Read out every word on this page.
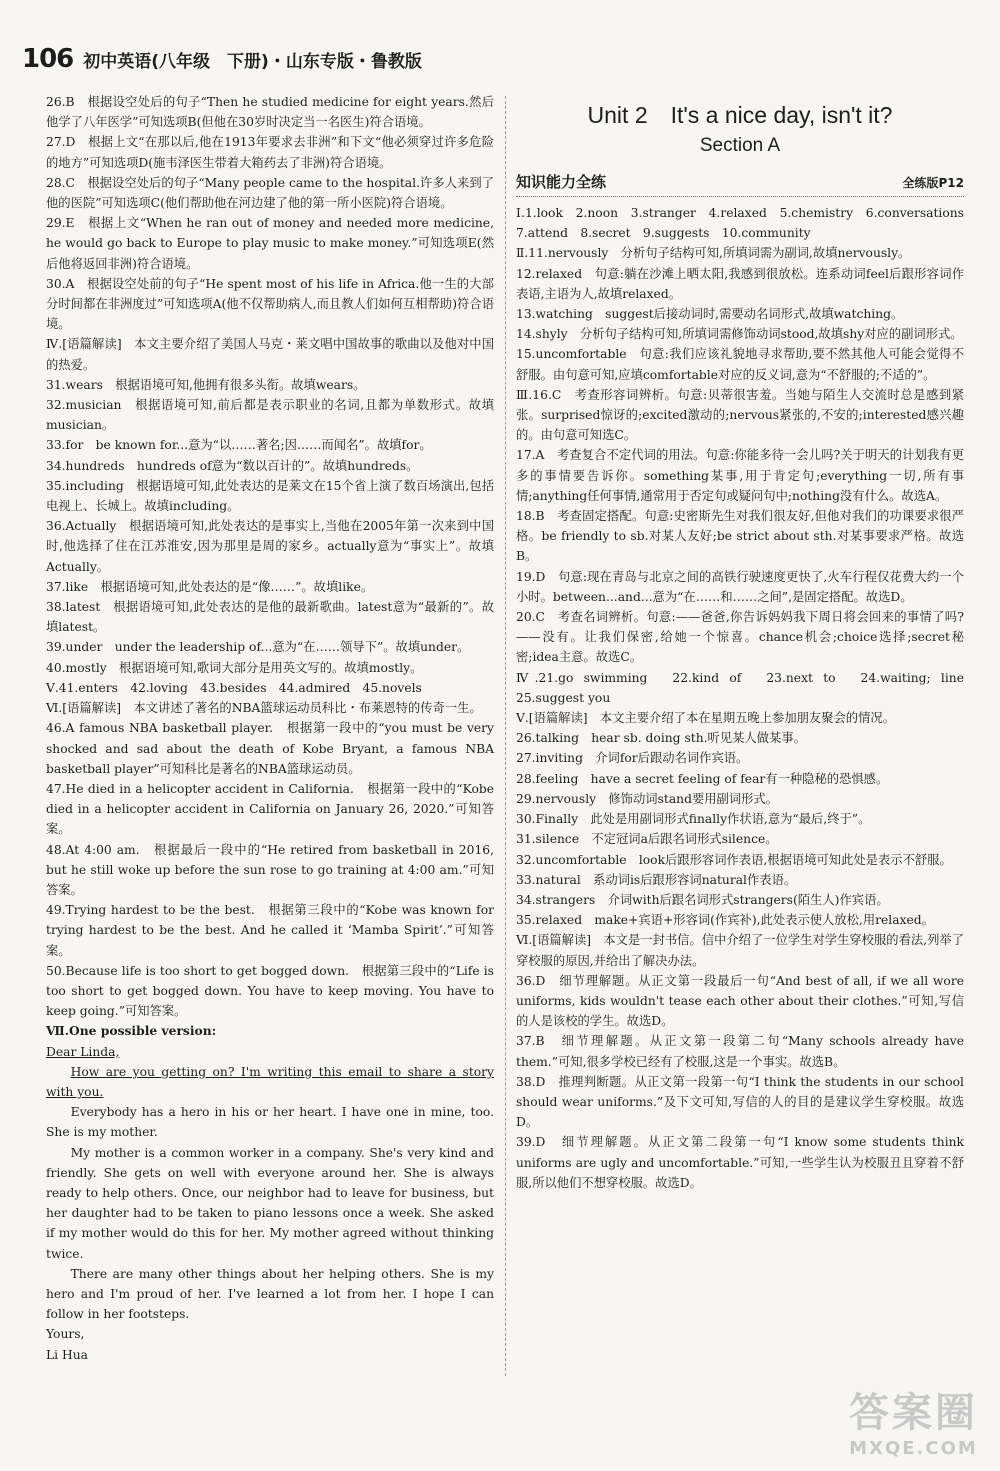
106 初中英语(八年级　下册)・山东专版・鲁教版

26.B　根据设空处后的句子“Then he studied medicine for eight years.然后他学了八年医学”可知选项B(但他在30岁时决定当一名医生)符合语境。

27.D　根据上文“在那以后,他在1913年要求去非洲”和下文“他必须穿过许多危险的地方”可知选项D(施韦泽医生带着大箱药去了非洲)符合语境。

28.C　根据设空处后的句子“Many people came to the hospital.许多人来到了他的医院”可知选项C(他们帮助他在河边建了他的第一所小医院)符合语境。

29.E　根据上文“When he ran out of money and needed more medicine, he would go back to Europe to play music to make money.”可知选项E(然后他将返回非洲)符合语境。

30.A　根据设空处前的句子“He spent most of his life in Africa.他一生的大部分时间都在非洲度过”可知选项A(他不仅帮助病人,而且教人们如何互相帮助)符合语境。

Ⅳ.[语篇解读]　本文主要介绍了美国人马克・莱文唱中国故事的歌曲以及他对中国的热爱。

31.wears　根据语境可知,他拥有很多头衔。故填wears。

32.musician　根据语境可知,前后都是表示职业的名词,且都为单数形式。故填musician。

33.for　be known for...意为“以……著名;因……而闻名”。故填for。

34.hundreds　hundreds of意为“数以百计的”。故填hundreds。

35.including　根据语境可知,此处表达的是莱文在15个省上演了数百场演出,包括电视上、长城上。故填including。

36.Actually　根据语境可知,此处表达的是事实上,当他在2005年第一次来到中国时,他选择了住在江苏淮安,因为那里是周的家乡。actually意为“事实上”。故填Actually。

37.like　根据语境可知,此处表达的是“像……”。故填like。

38.latest　根据语境可知,此处表达的是他的最新歌曲。latest意为“最新的”。故填latest。

39.under　under the leadership of...意为“在……领导下”。故填under。

40.mostly　根据语境可知,歌词大部分是用英文写的。故填mostly。

Ⅴ.41.enters　42.loving　43.besides　44.admired　45.novels

Ⅵ.[语篇解读]　本文讲述了著名的NBA篮球运动员科比・布莱恩特的传奇一生。

46.A famous NBA basketball player.　根据第一段中的“you must be very shocked and sad about the death of Kobe Bryant, a famous NBA basketball player”可知科比是著名的NBA篮球运动员。

47.He died in a helicopter accident in California.　根据第一段中的“Kobe died in a helicopter accident in California on January 26, 2020.”可知答案。

48.At 4:00 am.　根据最后一段中的“He retired from basketball in 2016, but he still woke up before the sun rose to go training at 4:00 am.”可知答案。

49.Trying hardest to be the best.　根据第三段中的“Kobe was known for trying hardest to be the best. And he called it ‘Mamba Spirit’.”可知答案。

50.Because life is too short to get bogged down.　根据第三段中的“Life is too short to get bogged down. You have to keep moving. You have to keep going.”可知答案。

Ⅶ.One possible version:

Dear Linda,

How are you getting on? I'm writing this email to share a story with you.

Everybody has a hero in his or her heart. I have one in mine, too. She is my mother.

My mother is a common worker in a company. She's very kind and friendly. She gets on well with everyone around her. She is always ready to help others. Once, our neighbor had to leave for business, but her daughter had to be taken to piano lessons once a week. She asked if my mother would do this for her. My mother agreed without thinking twice.

There are many other things about her helping others. She is my hero and I'm proud of her. I've learned a lot from her. I hope I can follow in her footsteps.

Yours,

Li Hua

Unit 2　It's a nice day, isn't it?
Section A
知识能力全练	全练版P12

Ⅰ.1.look　2.noon　3.stranger　4.relaxed　5.chemistry　6.conversations　7.attend　8.secret　9.suggests　10.community

Ⅱ.11.nervously　分析句子结构可知,所填词需为副词,故填nervously。

12.relaxed　句意:躺在沙滩上晒太阳,我感到很放松。连系动词feel后跟形容词作表语,主语为人,故填relaxed。

13.watching　suggest后接动词时,需要动名词形式,故填watching。

14.shyly　分析句子结构可知,所填词需修饰动词stood,故填shy对应的副词形式。

15.uncomfortable　句意:我们应该礼貌地寻求帮助,要不然其他人可能会觉得不舒服。由句意可知,应填comfortable对应的反义词,意为“不舒服的;不适的”。

Ⅲ.16.C　考查形容词辨析。句意:贝蒂很害羞。当她与陌生人交流时总是感到紧张。surprised惊讶的;excited激动的;nervous紧张的,不安的;interested感兴趣的。由句意可知选C。

17.A　考查复合不定代词的用法。句意:你能多待一会儿吗?关于明天的计划我有更多的事情要告诉你。something某事,用于肯定句;everything一切,所有事情;anything任何事情,通常用于否定句或疑问句中;nothing没有什么。故选A。

18.B　考查固定搭配。句意:史密斯先生对我们很友好,但他对我们的功课要求很严格。be friendly to sb.对某人友好;be strict about sth.对某事要求严格。故选B。

19.D　句意:现在青岛与北京之间的高铁行驶速度更快了,火车行程仅花费大约一个小时。between...and...意为“在……和……之间”,是固定搭配。故选D。

20.C　考查名词辨析。句意:——爸爸,你告诉妈妈我下周日将会回来的事情了吗?——没有。让我们保密,给她一个惊喜。chance机会;choice选择;secret秘密;idea主意。故选C。

Ⅳ.21.go swimming　22.kind of　23.next to　24.waiting; line　25.suggest you

Ⅴ.[语篇解读]　本文主要介绍了本在星期五晚上参加朋友聚会的情况。

26.talking　hear sb. doing sth.听见某人做某事。

27.inviting　介词for后跟动名词作宾语。

28.feeling　have a secret feeling of fear有一种隐秘的恐惧感。

29.nervously　修饰动词stand要用副词形式。

30.Finally　此处是用副词形式finally作状语,意为“最后,终于”。

31.silence　不定冠词a后跟名词形式silence。

32.uncomfortable　look后跟形容词作表语,根据语境可知此处是表示不舒服。

33.natural　系动词is后跟形容词natural作表语。

34.strangers　介词with后跟名词形式strangers(陌生人)作宾语。

35.relaxed　make+宾语+形容词(作宾补),此处表示使人放松,用relaxed。

Ⅵ.[语篇解读]　本文是一封书信。信中介绍了一位学生对学生穿校服的看法,列举了穿校服的原因,并给出了解决办法。

36.D　细节理解题。从正文第一段最后一句“And best of all, if we all wore uniforms, kids wouldn't tease each other about their clothes.”可知,写信的人是该校的学生。故选D。

37.B　细节理解题。从正文第一段第二句“Many schools already have them.”可知,很多学校已经有了校服,这是一个事实。故选B。

38.D　推理判断题。从正文第一段第一句“I think the students in our school should wear uniforms.”及下文可知,写信的人的目的是建议学生穿校服。故选D。

39.D　细节理解题。从正文第二段第一句“I know some students think uniforms are ugly and uncomfortable.”可知,一些学生认为校服丑且穿着不舒服,所以他们不想穿校服。故选D。

答案圈
MXQE.COM
